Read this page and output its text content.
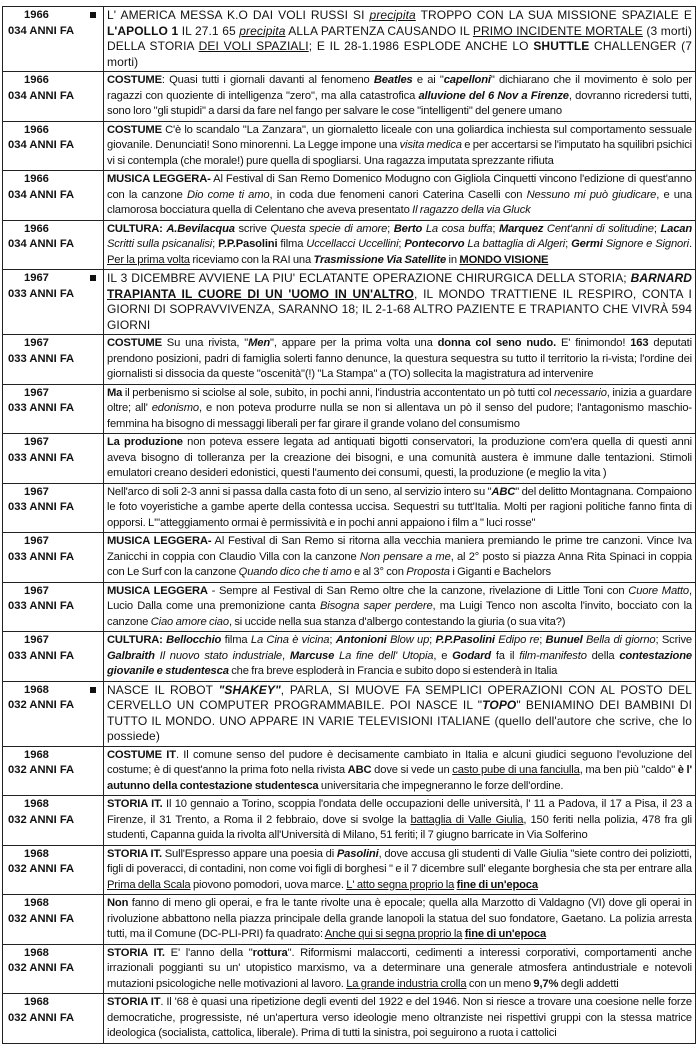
1966
034 ANNI FA	L' AMERICA MESSA K.O DAI VOLI RUSSI SI precipita TROPPO CON LA SUA MISSIONE SPAZIALE E L'APOLLO 1 IL 27.1 65 precipita ALLA PARTENZA CAUSANDO IL PRIMO INCIDENTE MORTALE (3 morti) DELLA STORIA DEI VOLI SPAZIALI; E IL 28-1.1986 ESPLODE ANCHE LO SHUTTLE CHALLENGER (7 morti)

1966
034 ANNI FA	COSTUME: Quasi tutti i giornali davanti al fenomeno Beatles e ai "capelloni" dichiarano che il movimento è solo per ragazzi con quoziente di intelligenza "zero", ma alla catastrofica alluvione del 6 Nov a Firenze, dovranno ricredersi tutti, sono loro "gli stupidi" a darsi da fare nel fango per salvare le cose "intelligenti" del genere umano

1966
034 ANNI FA	COSTUME C'è lo scandalo "La Zanzara", un giornaletto liceale con una goliardica inchiesta sul comportamento sessuale giovanile. Denunciati! Sono minorenni. La Legge impone una visita medica e per accertarsi se l'imputato ha squilibri psichici vi si contempla (che morale!) pure quella di spogliarsi. Una ragazza imputata sprezzante rifiuta

1966
034 ANNI FA	MUSICA LEGGERA- Al Festival di San Remo Domenico Modugno con Gigliola Cinquetti vincono l'edizione di quest'anno con la canzone Dio come ti amo, in coda due fenomeni canori Caterina Caselli con Nessuno mi può giudicare, e una clamorosa bocciatura quella di Celentano che aveva presentato Il ragazzo della via Gluck

1966
034 ANNI FA	CULTURA: A.Bevilacqua scrive Questa specie di amore; Berto La cosa buffa; Marquez Cent'anni di solitudine; Lacan Scritti sulla psicanalisi; P.P.Pasolini filma Uccellacci Uccellini; Pontecorvo La battaglia di Algeri; Germi Signore e Signori. Per la prima volta riceviamo con la RAI una Trasmissione Via Satellite in MONDO VISIONE

1967
033 ANNI FA	IL 3 DICEMBRE AVVIENE LA PIU' ECLATANTE OPERAZIONE CHIRURGICA DELLA STORIA; BARNARD TRAPIANTA IL CUORE DI UN 'UOMO IN UN'ALTRO, IL MONDO TRATTIENE IL RESPIRO, CONTA I GIORNI DI SOPRAVVIVENZA, SARANNO 18; IL 2-1-68 ALTRO PAZIENTE E TRAPIANTO CHE VIVRÀ 594 GIORNI

1967
033 ANNI FA	COSTUME Su una rivista, "Men", appare per la prima volta una donna col seno nudo. E' finimondo! 163 deputati prendono posizioni, padri di famiglia solerti fanno denunce, la questura sequestra su tutto il territorio la ri-vista; l'ordine dei giornalisti si dissocia da queste "oscenità"(!) "La Stampa" a (TO) sollecita la magistratura ad intervenire

1967
033 ANNI FA	Ma il perbenismo si sciolse al sole, subito, in pochi anni, l'industria accontentato un pò tutti col necessario, inizia a guardare oltre; all' edonismo, e non poteva produrre nulla se non si allentava un pò il senso del pudore; l'antagonismo maschio-femmina ha bisogno di messaggi liberali per far girare il grande volano del consumismo

1967
033 ANNI FA	La produzione non poteva essere legata ad antiquati bigotti conservatori, la produzione com'era quella di questi anni aveva bisogno di tolleranza per la creazione dei bisogni, e una comunità austera è immune dalle tentazioni. Stimoli emulatori creano desideri edonistici, questi l'aumento dei consumi, questi, la produzione (e meglio la vita )

1967
033 ANNI FA	Nell'arco di soli 2-3 anni si passa dalla casta foto di un seno, al servizio intero su "ABC" del delitto Montagnana. Compaiono le foto voyeristiche a gambe aperte della contessa uccisa. Sequestri su tutt'Italia. Molti per ragioni politiche fanno finta di opporsi. L'"atteggiamento ormai è permissività e in pochi anni appaiono i film a " luci rosse"

1967
033 ANNI FA	MUSICA LEGGERA- Al Festival di San Remo si ritorna alla vecchia maniera premiando le prime tre canzoni. Vince Iva Zanicchi in coppia con Claudio Villa con la canzone Non pensare a me, al 2° posto si piazza Anna Rita Spinaci in coppia con Le Surf con la canzone Quando dico che ti amo e al 3° con Proposta i Giganti e Bachelors

1967
033 ANNI FA	MUSICA LEGGERA - Sempre al Festival di San Remo oltre che la canzone, rivelazione di Little Toni con Cuore Matto, Lucio Dalla come una premonizione canta Bisogna saper perdere, ma Luigi Tenco non ascolta l'invito, bocciato con la canzone Ciao amore ciao, si uccide nella sua stanza d'albergo contestando la giuria (o sua vita?)

1967
033 ANNI FA	CULTURA: Bellocchio filma La Cina è vicina; Antonioni Blow up; P.P.Pasolini Edipo re; Bunuel Bella di giorno; Scrive Galbraith Il nuovo stato industriale, Marcuse La fine dell' Utopia, e Godard fa il film-manifesto della contestazione giovanile e studentesca che fra breve esploderà in Francia e subito dopo si estenderà in Italia

1968
032 ANNI FA	NASCE IL ROBOT "SHAKEY", PARLA, SI MUOVE FA SEMPLICI OPERAZIONI CON AL POSTO DEL CERVELLO UN COMPUTER PROGRAMMABILE. POI NASCE IL "TOPO" BENIAMINO DEI BAMBINI DI TUTTO IL MONDO. UNO APPARE IN VARIE TELEVISIONI ITALIANE (quello dell'autore che scrive, che lo possiede)

1968
032 ANNI FA	COSTUME IT. Il comune senso del pudore è decisamente cambiato in Italia e alcuni giudici seguono l'evoluzione del costume; è di quest'anno la prima foto nella rivista ABC dove si vede un casto pube di una fanciulla, ma ben più "caldo" è l' autunno della contestazione studentesca universitaria che impegneranno le forze dell'ordine.

1968
032 ANNI FA	STORIA IT. Il 10 gennaio a Torino, scoppia l'ondata delle occupazioni delle università, l' 11 a Padova, il 17 a Pisa, il 23 a Firenze, il 31 Trento, a Roma il 2 febbraio, dove si svolge la battaglia di Valle Giulia, 150 feriti nella polizia, 478 fra gli studenti, Capanna guida la rivolta all'Università di Milano, 51 feriti; il 7 giugno barricate in Via Solferino

1968
032 ANNI FA	STORIA IT. Sull'Espresso appare una poesia di Pasolini, dove accusa gli studenti di Valle Giulia "siete contro dei poliziotti, figli di poveracci, di contadini, non come voi figli di borghesi " e il 7 dicembre sull' elegante borghesia che sta per entrare alla Prima della Scala piovono pomodori, uova marce. L' atto segna proprio la fine di un'epoca

1968
032 ANNI FA	Non fanno di meno gli operai, e fra le tante rivolte una è epocale; quella alla Marzotto di Valdagno (VI) dove gli operai in rivoluzione abbattono nella piazza principale della grande lanopoli la statua del suo fondatore, Gaetano. La polizia arresta tutti, ma il Comune (DC-PLI-PRI) fa quadrato: Anche qui si segna proprio la fine di un'epoca

1968
032 ANNI FA	STORIA IT. E' l'anno della "rottura". Riformismi malaccorti, cedimenti a interessi corporativi, comportamenti anche irrazionali poggianti su un' utopistico marxismo, va a determinare una generale atmosfera antindustriale e notevoli mutazioni psicologiche nelle motivazioni al lavoro. La grande industria crolla con un meno 9,7% degli addetti

1968
032 ANNI FA	STORIA IT. Il '68 è quasi una ripetizione degli eventi del 1922 e del 1946. Non si riesce a trovare una coesione nelle forze democratiche, progressiste, né un'apertura verso ideologie meno oltranziste nei rispettivi gruppi con la stessa matrice ideologica (socialista, cattolica, liberale). Prima di tutti la sinistra, poi seguirono a ruota i cattolici
